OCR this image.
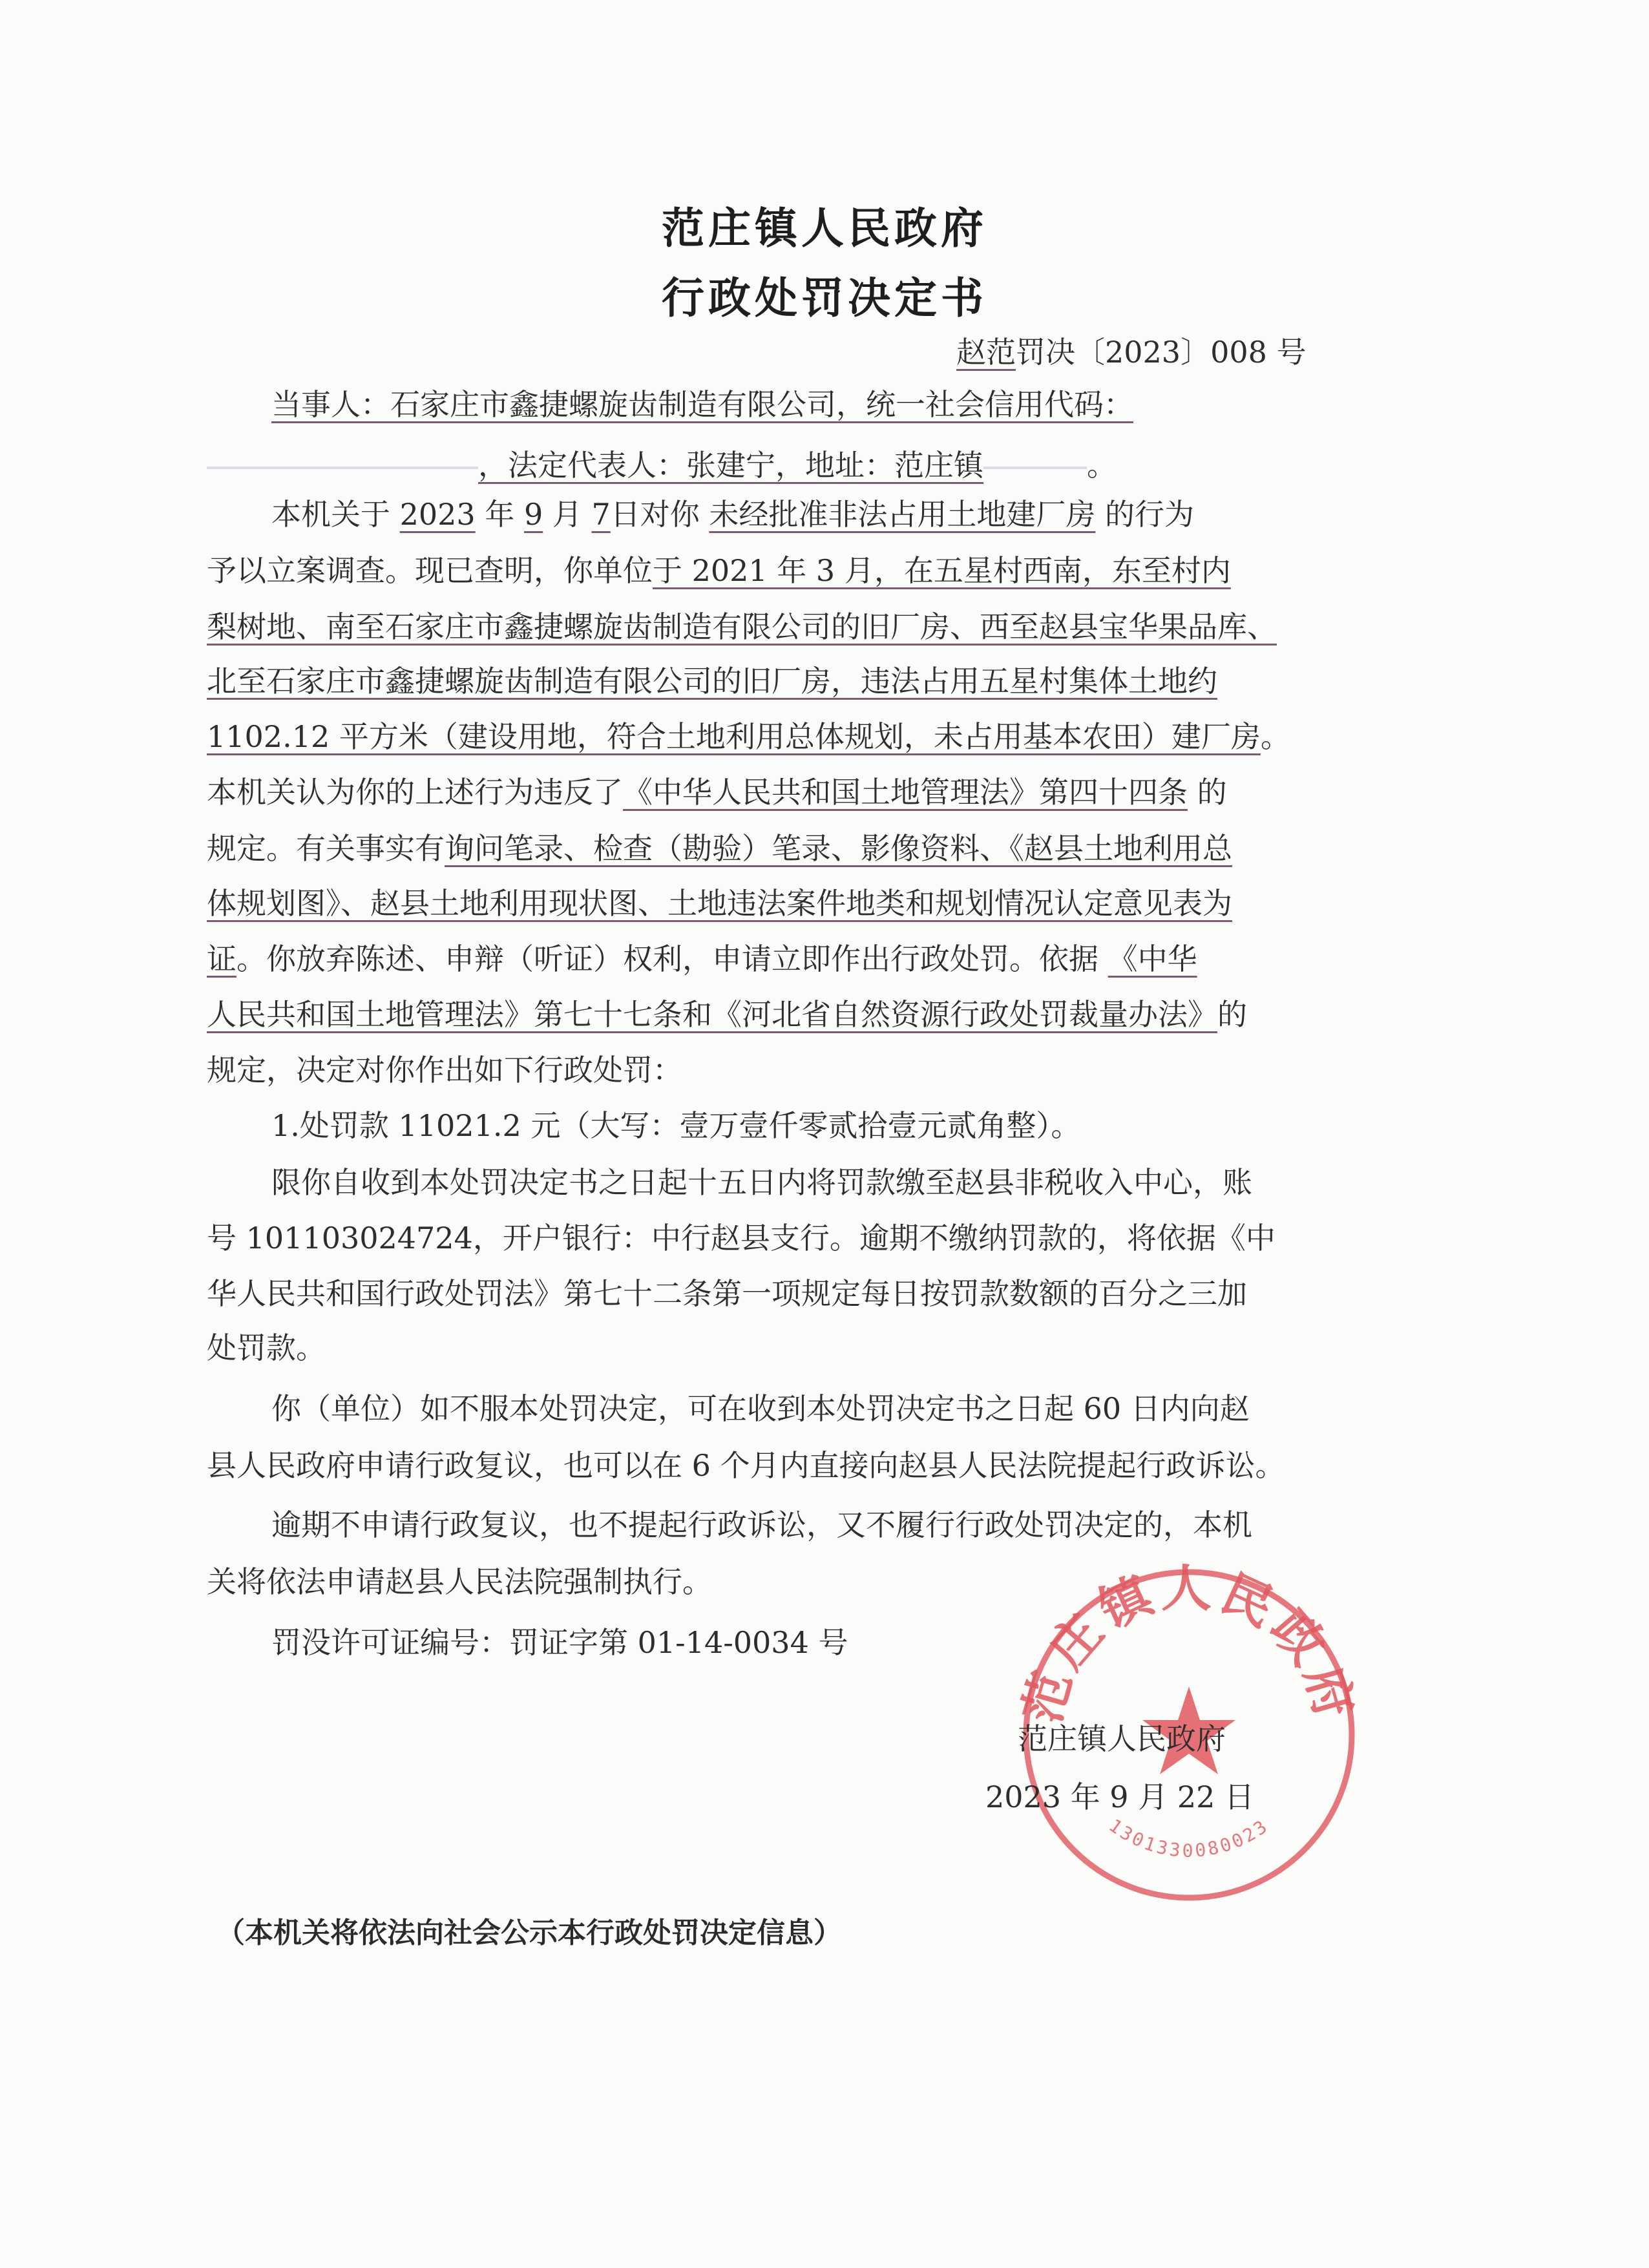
范庄镇人民政府
行政处罚决定书
赵范罚决〔2023〕008 号
当事人：石家庄市鑫捷螺旋齿制造有限公司，统一社会信用代码：
，法定代表人：张建宁，地址：范庄镇	。
本机关于 2023 年 9 月 7日对你 未经批准非法占用土地建厂房 的行为
予以立案调查。现已查明，你单位于 2021 年 3 月，在五星村西南，东至村内
梨树地、南至石家庄市鑫捷螺旋齿制造有限公司的旧厂房、西至赵县宝华果品库、
北至石家庄市鑫捷螺旋齿制造有限公司的旧厂房，违法占用五星村集体土地约
1102.12 平方米（建设用地，符合土地利用总体规划，未占用基本农田）建厂房。
本机关认为你的上述行为违反了《中华人民共和国土地管理法》第四十四条 的
规定。有关事实有询问笔录、检查（勘验）笔录、影像资料、《赵县土地利用总
体规划图》、赵县土地利用现状图、土地违法案件地类和规划情况认定意见表为
证。你放弃陈述、申辩（听证）权利，申请立即作出行政处罚。依据 《中华
人民共和国土地管理法》第七十七条和《河北省自然资源行政处罚裁量办法》的
规定，决定对你作出如下行政处罚：
1.处罚款 11021.2 元（大写：壹万壹仟零贰拾壹元贰角整）。
限你自收到本处罚决定书之日起十五日内将罚款缴至赵县非税收入中心，账
号 101103024724，开户银行：中行赵县支行。逾期不缴纳罚款的，将依据《中
华人民共和国行政处罚法》第七十二条第一项规定每日按罚款数额的百分之三加
处罚款。
你（单位）如不服本处罚决定，可在收到本处罚决定书之日起 60 日内向赵
县人民政府申请行政复议，也可以在 6 个月内直接向赵县人民法院提起行政诉讼。
逾期不申请行政复议，也不提起行政诉讼，又不履行行政处罚决定的，本机
关将依法申请赵县人民法院强制执行。
罚没许可证编号：罚证字第 01-14-0034 号
范庄镇人民政府
1301330080023
范庄镇人民政府
2023 年 9 月 22 日
（本机关将依法向社会公示本行政处罚决定信息）
